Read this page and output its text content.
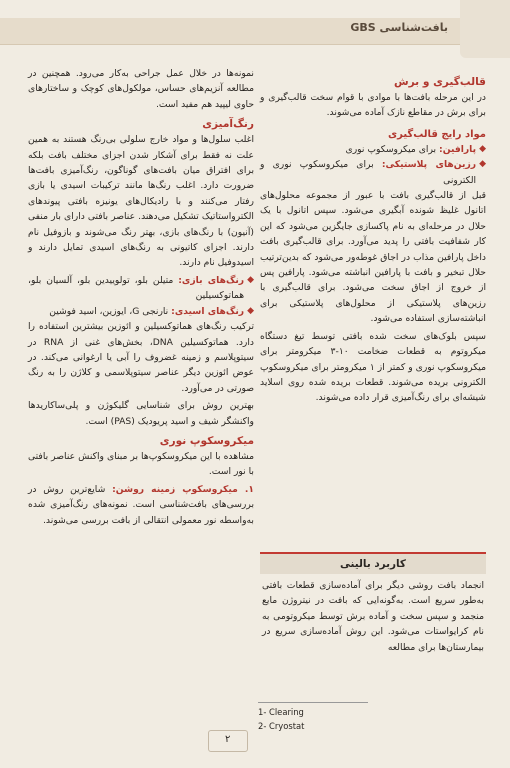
بافت‌شناسی GBS
قالب‌گیری و برش

در این مرحله بافت‌ها با موادی با قوام سخت قالب‌گیری و برای برش در مقاطع نازک آماده می‌شوند.

مواد رایج قالب‌گیری
◆
پارافین: برای میکروسکوپ نوری
◆
رزین‌های پلاستیکی: برای میکروسکوپ نوری و الکترونی

قبل از قالب‌گیری بافت با عبور از مجموعه محلول‌های اتانول غلیظ شونده آبگیری می‌شود. سپس اتانول با یک حلال در مرحله‌ای به نام پاکسازی جایگزین می‌شود که این کار شفافیت بافتی را پدید می‌آورد. برای قالب‌گیری بافت داخل پارافین مذاب در اجاق غوطه‌ور می‌شود که بدین‌ترتیب حلال تبخیر و بافت با پارافین انباشته می‌شود. پارافین پس از خروج از اجاق سخت می‌شود. برای قالب‌گیری با رزین‌های پلاستیکی از محلول‌های پلاستیکی برای انباشته‌سازی استفاده می‌شود.

سپس بلوک‌های سخت شده بافتی توسط تیغ دستگاه میکروتوم به قطعات ضخامت ۱۰-۳ میکرومتر برای میکروسکوپ نوری و کمتر از ۱ میکرومتر برای میکروسکوپ الکترونی بریده می‌شوند. قطعات بریده شده روی اسلاید شیشه‌ای برای رنگ‌آمیزی قرار داده می‌شوند.

کاربرد بالینی

انجماد بافت روشی دیگر برای آماده‌سازی قطعات بافتی به‌طور سریع است. به‌گونه‌ایی که بافت در نیتروژن مایع منجمد و سپس سخت و آماده برش توسط میکروتومی به نام کرایواستات می‌شود. این روش آماده‌سازی سریع در بیمارستان‌ها برای مطالعه

نمونه‌ها در خلال عمل جراحی به‌کار می‌رود. همچنین در مطالعه آنزیم‌های حساس، مولکول‌های کوچک و ساختارهای حاوی لیپید هم مفید است.

رنگ‌آمیزی

اغلب سلول‌ها و مواد خارج سلولی بی‌رنگ هستند به همین علت نه فقط برای آشکار شدن اجزای مختلف بافت بلکه برای افتراق میان بافت‌های گوناگون، رنگ‌آمیزی بافت‌ها ضرورت دارد. اغلب رنگ‌ها مانند ترکیبات اسیدی یا بازی رفتار می‌کنند و با رادیکال‌های یونیزه بافتی پیوندهای الکترواستاتیک تشکیل می‌دهند. عناصر بافتی دارای بار منفی (آنیون) با رنگ‌های بازی، بهتر رنگ می‌شوند و بازوفیل نام دارند. اجزای کاتیونی به رنگ‌های اسیدی تمایل دارند و اسیدوفیل نام دارند.

◆
رنگ‌های بازی: متیلن بلو، تولوییدین بلو، آلسیان بلو، هماتوکسیلین
◆
رنگ‌های اسیدی: نارنجی G، ایوزین، اسید فوشین

ترکیب رنگ‌های هماتوکسیلین و ائوزین بیشترین استفاده را دارد. هماتوکسیلین DNA، بخش‌های غنی از RNA در سیتوپلاسم و زمینه غضروف را آبی یا ارغوانی می‌کند. در عوض ائوزین دیگر عناصر سیتوپلاسمی و کلاژن را به رنگ صورتی در می‌آورد.

بهترین روش برای شناسایی گلیکوژن و پلی‌ساکاریدها واکنشگر شیف و اسید پریودیک (PAS) است.

میکروسکوپ نوری

مشاهده با این میکروسکوپ‌ها بر مبنای واکنش عناصر بافتی با نور است.

۱. میکروسکوپ زمینه روشن: شایع‌ترین روش در بررسی‌های بافت‌شناسی است. نمونه‌های رنگ‌آمیزی شده به‌واسطه نور معمولی انتقالی از بافت بررسی می‌شوند.

1- Clearing
2- Cryostat
۲
